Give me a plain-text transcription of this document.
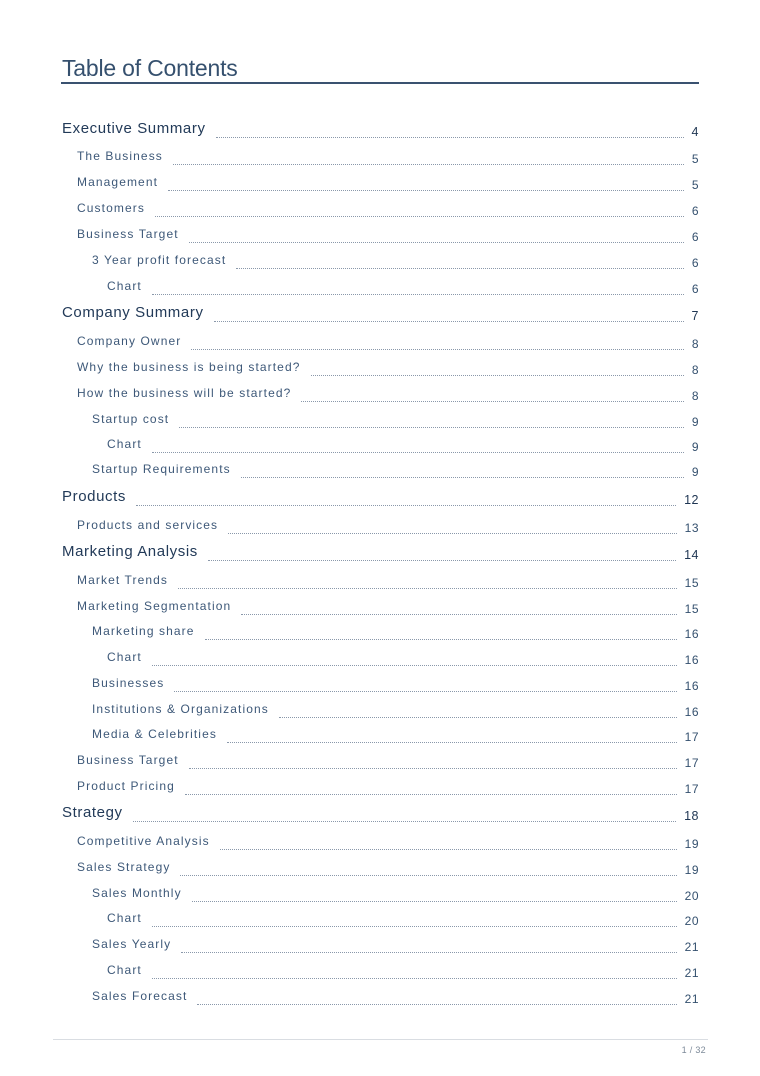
Table of Contents
Executive Summary	4
The Business	5
Management	5
Customers	6
Business Target	6
3 Year profit forecast	6
Chart	6
Company Summary	7
Company Owner	8
Why the business is being started?	8
How the business will be started?	8
Startup cost	9
Chart	9
Startup Requirements	9
Products	12
Products and services	13
Marketing Analysis	14
Market Trends	15
Marketing Segmentation	15
Marketing share	16
Chart	16
Businesses	16
Institutions & Organizations	16
Media & Celebrities	17
Business Target	17
Product Pricing	17
Strategy	18
Competitive Analysis	19
Sales Strategy	19
Sales Monthly	20
Chart	20
Sales Yearly	21
Chart	21
Sales Forecast	21
1 / 32
